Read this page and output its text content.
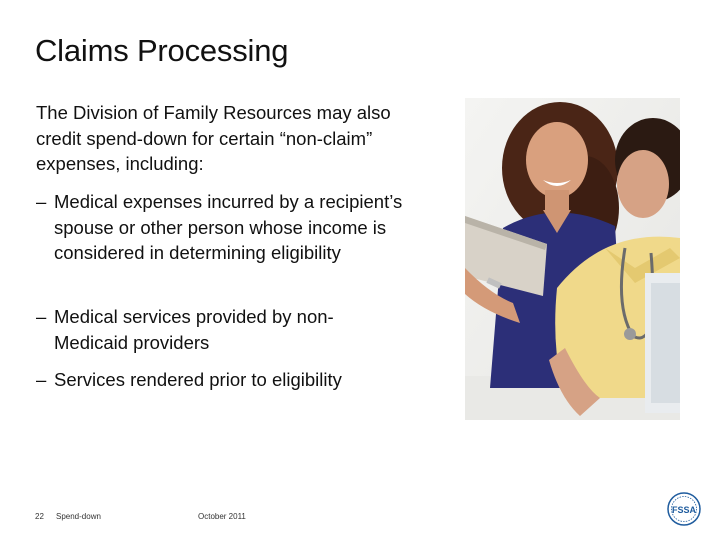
Claims Processing
The Division of Family Resources may also credit spend-down for certain “non-claim” expenses, including:
– Medical expenses incurred by a recipient’s spouse or other person whose income is considered in determining eligibility
– Medical services provided by non-Medicaid providers
– Services rendered prior to eligibility
22 Spend-down	October 2011
FSSA
